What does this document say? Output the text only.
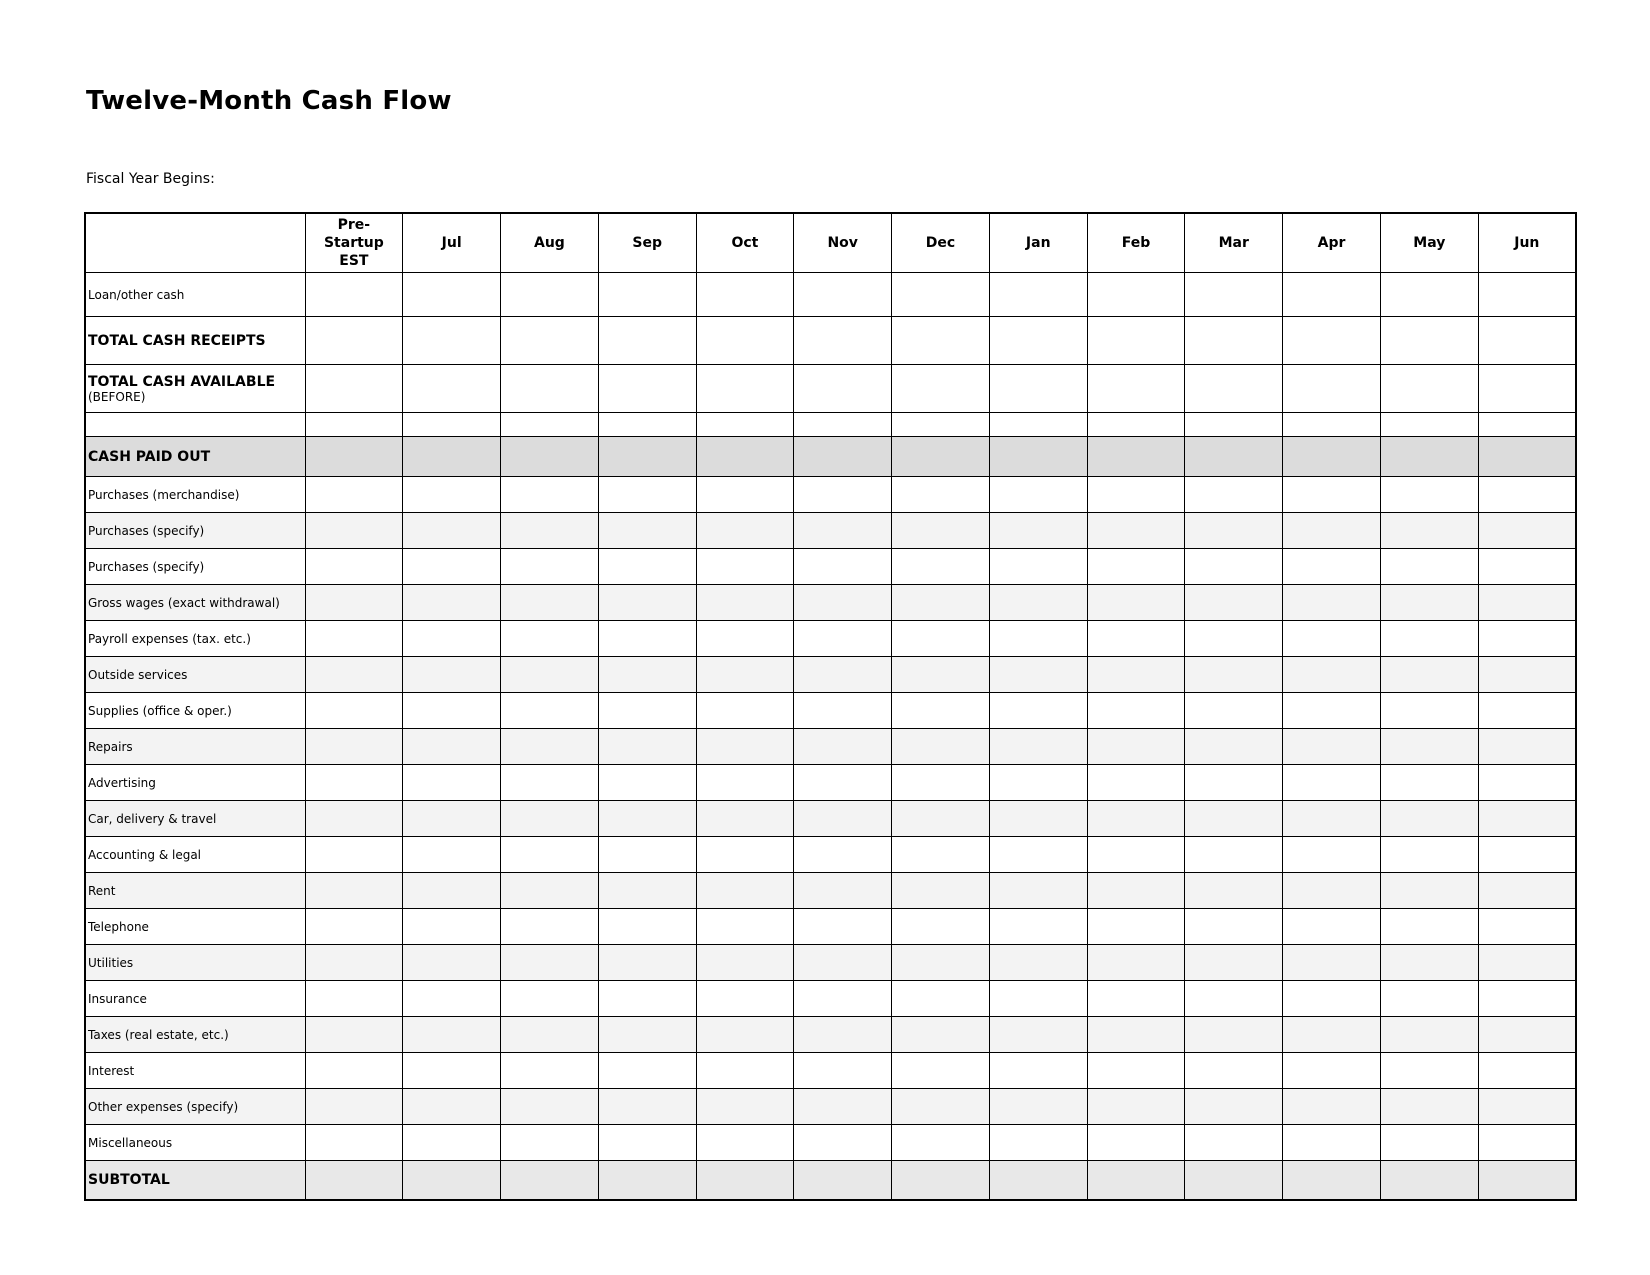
Twelve-Month Cash Flow
Fiscal Year Begins:
	Pre-
Startup
EST	Jul	Aug	Sep	Oct	Nov	Dec	Jan	Feb	Mar	Apr	May	Jun
Loan/other cash													
TOTAL CASH RECEIPTS													
TOTAL CASH AVAILABLE
(BEFORE)													

CASH PAID OUT													
Purchases (merchandise)													
Purchases (specify)													
Purchases (specify)													
Gross wages (exact withdrawal)													
Payroll expenses (tax. etc.)													
Outside services													
Supplies (office & oper.)													
Repairs													
Advertising													
Car, delivery & travel													
Accounting & legal													
Rent													
Telephone													
Utilities													
Insurance													
Taxes (real estate, etc.)													
Interest													
Other expenses (specify)													
Miscellaneous													
SUBTOTAL													
